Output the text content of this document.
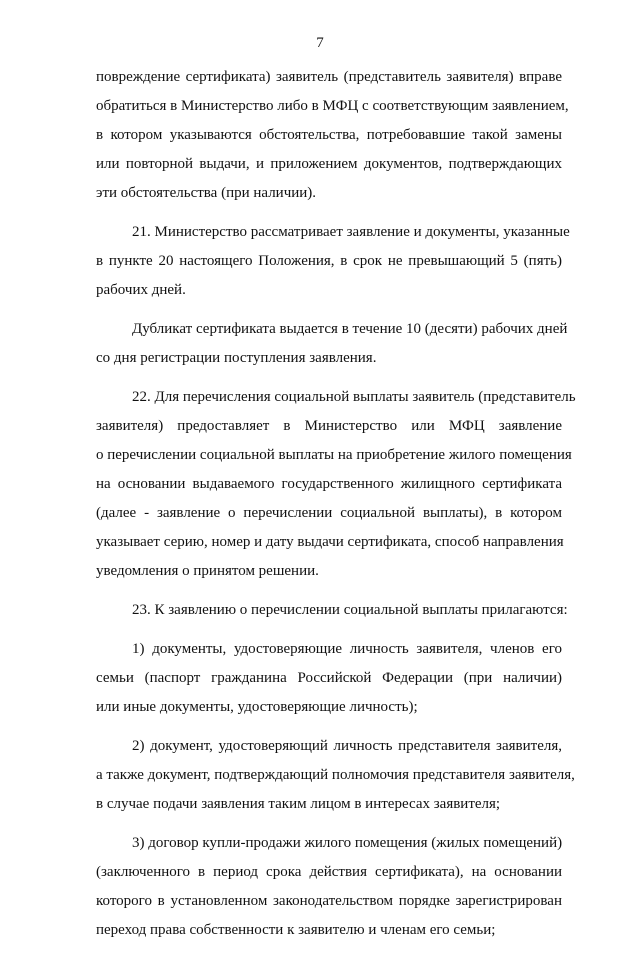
7

повреждение сертификата) заявитель (представитель заявителя) вправе
обратиться в Министерство либо в МФЦ с соответствующим заявлением,
в котором указываются обстоятельства, потребовавшие такой замены
или повторной выдачи, и приложением документов, подтверждающих
эти обстоятельства (при наличии).

21. Министерство рассматривает заявление и документы, указанные
в пункте 20 настоящего Положения, в срок не превышающий 5 (пять)
рабочих дней.

Дубликат сертификата выдается в течение 10 (десяти) рабочих дней
со дня регистрации поступления заявления.

22. Для перечисления социальной выплаты заявитель (представитель
заявителя) предоставляет в Министерство или МФЦ заявление
о перечислении социальной выплаты на приобретение жилого помещения
на основании выдаваемого государственного жилищного сертификата
(далее - заявление о перечислении социальной выплаты), в котором
указывает серию, номер и дату выдачи сертификата, способ направления
уведомления о принятом решении.

23. К заявлению о перечислении социальной выплаты прилагаются:

1) документы, удостоверяющие личность заявителя, членов его
семьи (паспорт гражданина Российской Федерации (при наличии)
или иные документы, удостоверяющие личность);

2) документ, удостоверяющий личность представителя заявителя,
а также документ, подтверждающий полномочия представителя заявителя,
в случае подачи заявления таким лицом в интересах заявителя;

3) договор купли-продажи жилого помещения (жилых помещений)
(заключенного в период срока действия сертификата), на основании
которого в установленном законодательством порядке зарегистрирован
переход права собственности к заявителю и членам его семьи;
